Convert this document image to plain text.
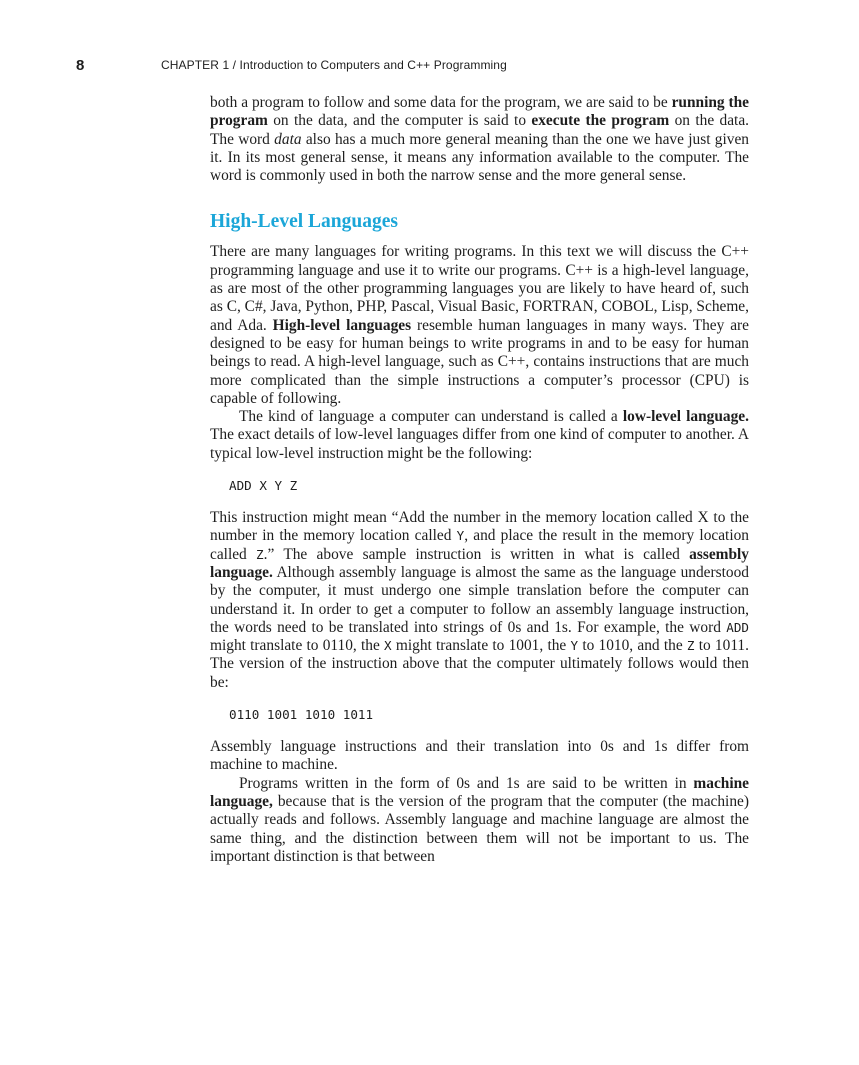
8	CHAPTER 1 / Introduction to Computers and C++ Programming

both a program to follow and some data for the program, we are said to be running the program on the data, and the computer is said to execute the program on the data. The word data also has a much more general meaning than the one we have just given it. In its most general sense, it means any information available to the computer. The word is commonly used in both the narrow sense and the more general sense.

High-Level Languages

There are many languages for writing programs. In this text we will discuss the C++ programming language and use it to write our programs. C++ is a high-level language, as are most of the other programming languages you are likely to have heard of, such as C, C#, Java, Python, PHP, Pascal, Visual Basic, FORTRAN, COBOL, Lisp, Scheme, and Ada. High-level languages resemble human languages in many ways. They are designed to be easy for human beings to write programs in and to be easy for human beings to read. A high-level language, such as C++, contains instructions that are much more complicated than the simple instructions a computer’s processor (CPU) is capable of following.

The kind of language a computer can understand is called a low-level language. The exact details of low-level languages differ from one kind of computer to another. A typical low-level instruction might be the following:

ADD X Y Z

This instruction might mean “Add the number in the memory location called X to the number in the memory location called Y, and place the result in the memory location called Z.” The above sample instruction is written in what is called assembly language. Although assembly language is almost the same as the language understood by the computer, it must undergo one simple translation before the computer can understand it. In order to get a computer to follow an assembly language instruction, the words need to be translated into strings of 0s and 1s. For example, the word ADD might translate to 0110, the X might translate to 1001, the Y to 1010, and the Z to 1011. The version of the instruction above that the computer ultimately follows would then be:

0110 1001 1010 1011

Assembly language instructions and their translation into 0s and 1s differ from machine to machine.

Programs written in the form of 0s and 1s are said to be written in machine language, because that is the version of the program that the computer (the machine) actually reads and follows. Assembly language and machine language are almost the same thing, and the distinction between them will not be important to us. The important distinction is that between
